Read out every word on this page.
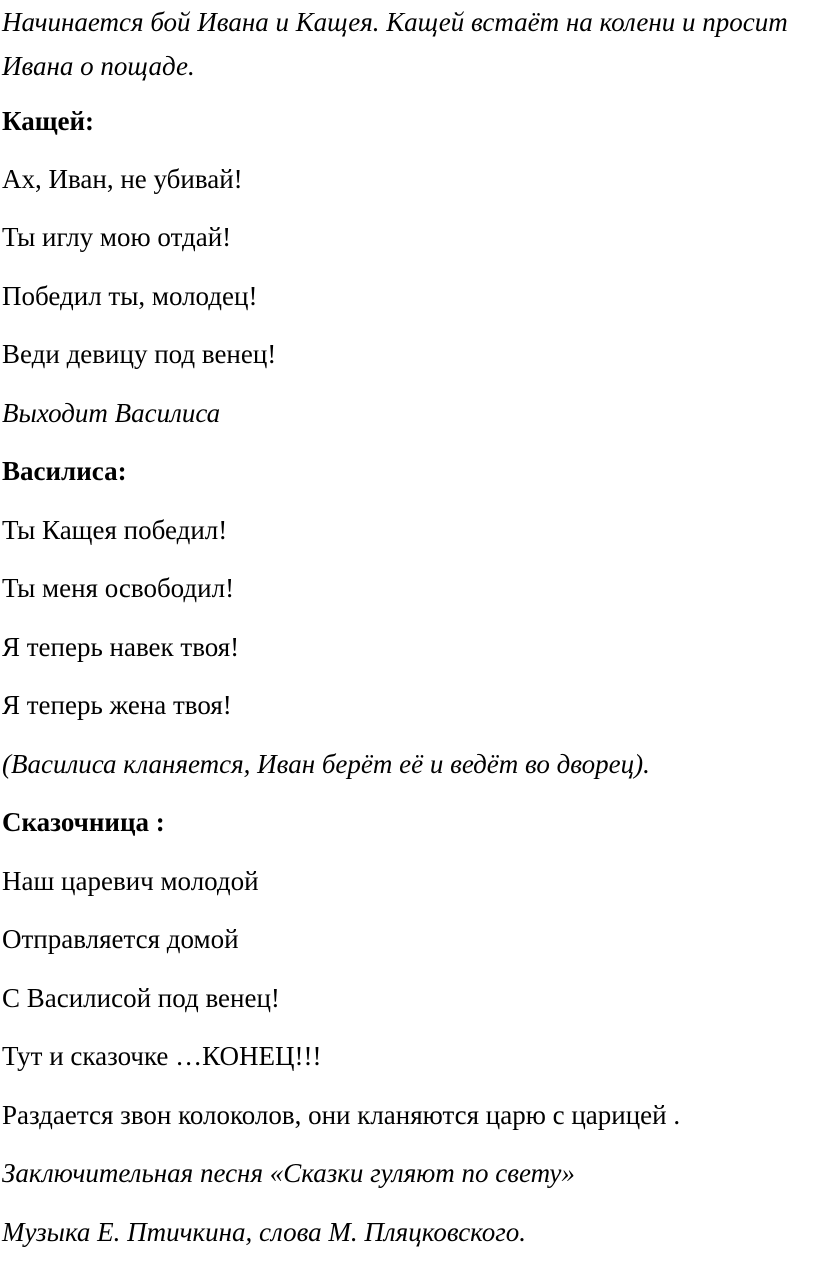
Начинается бой Ивана и Кащея. Кащей встаёт на колени и просит Ивана о пощаде.
Кащей:
Ах, Иван, не убивай!
Ты иглу мою отдай!
Победил ты, молодец!
Веди девицу под венец!
Выходит Василиса
Василиса:
Ты Кащея победил!
Ты меня освободил!
Я теперь навек твоя!
Я теперь жена твоя!
(Василиса кланяется, Иван берёт её и ведёт во дворец).
Сказочница :
Наш царевич молодой
Отправляется домой
С Василисой под венец!
Тут и сказочке …КОНЕЦ!!!
Раздается звон колоколов, они кланяются царю с царицей .
Заключительная песня «Сказки гуляют по свету»
Музыка Е. Птичкина, слова М. Пляцковского.
